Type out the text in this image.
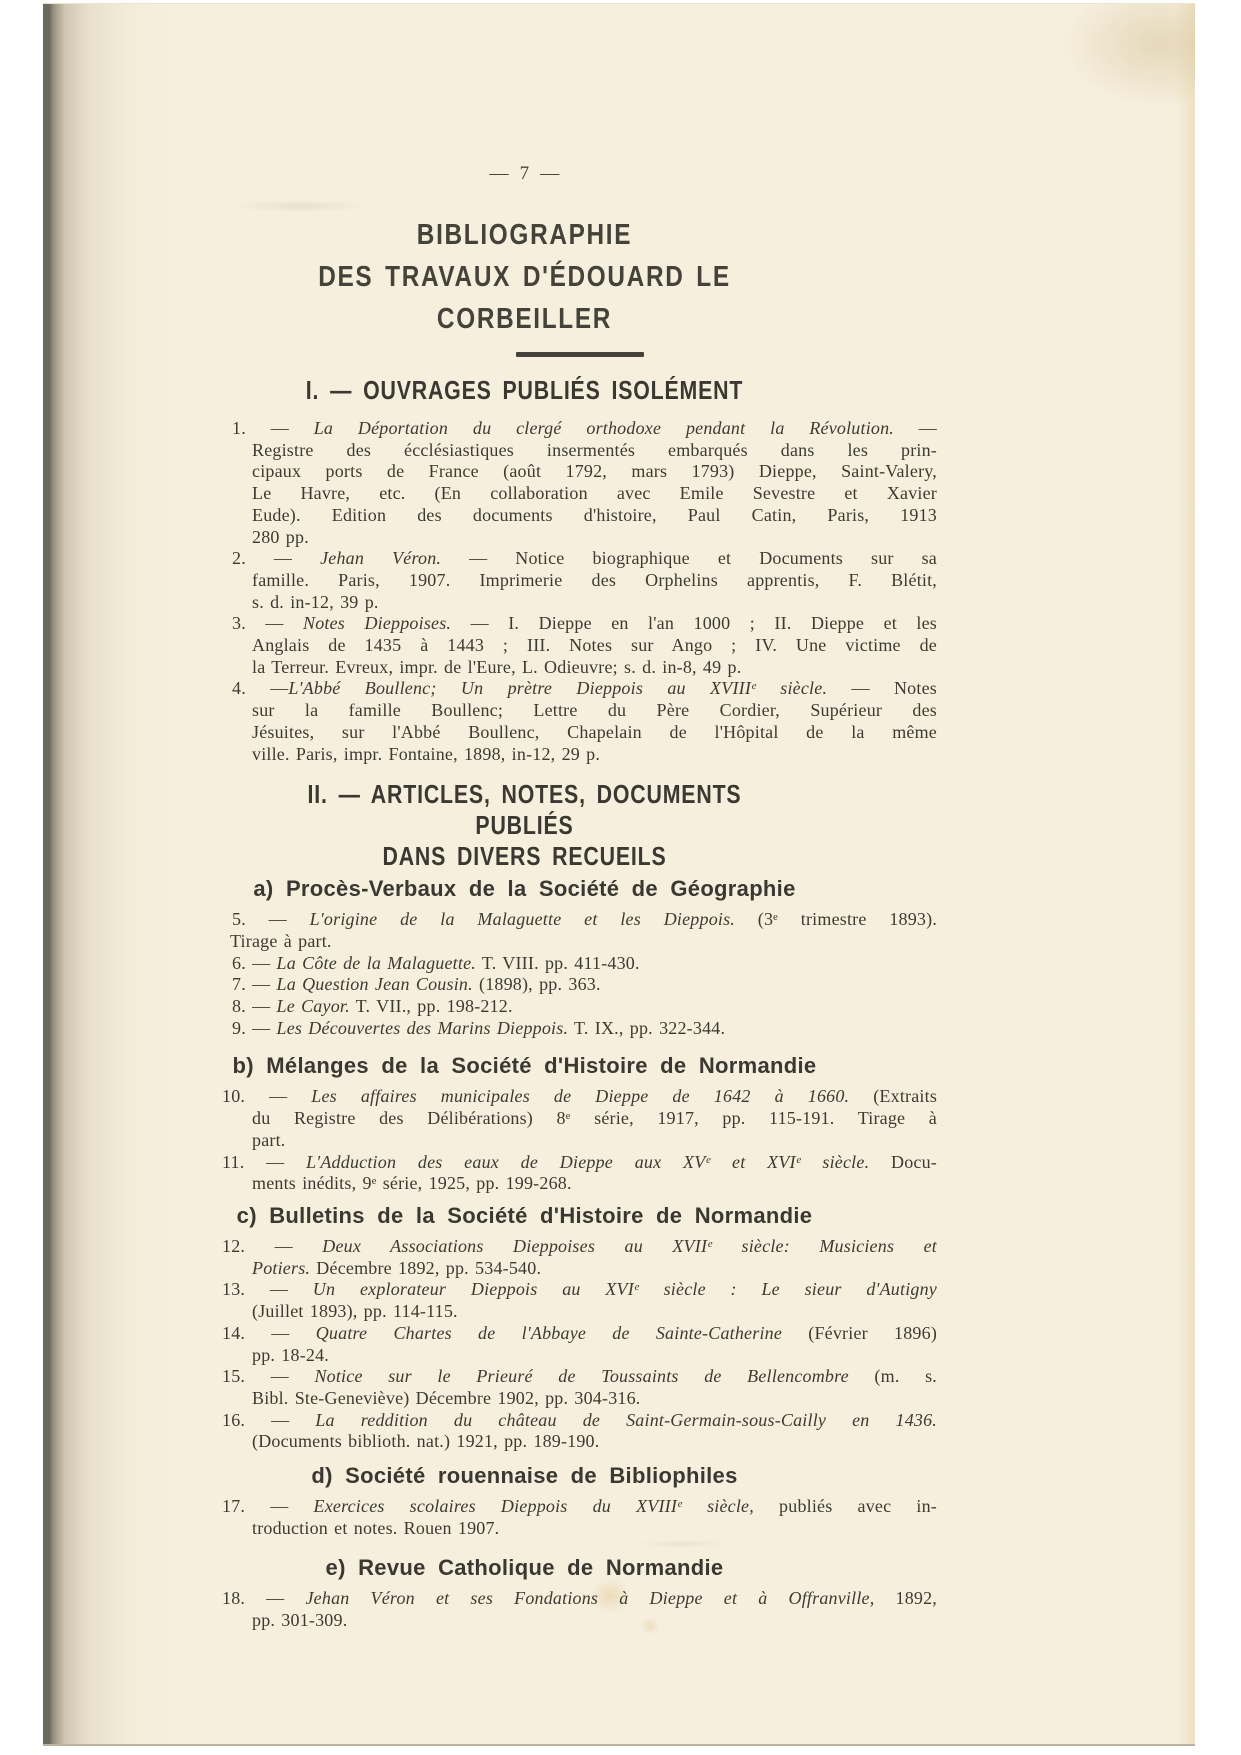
— 7 —
BIBLIOGRAPHIE
DES TRAVAUX D'ÉDOUARD LE CORBEILLER
I. — OUVRAGES PUBLIÉS ISOLÉMENT
1. — La Déportation du clergé orthodoxe pendant la Révolution. —
Registre des écclésiastiques insermentés embarqués dans les prin-
cipaux ports de France (août 1792, mars 1793) Dieppe, Saint-Valery,
Le Havre, etc. (En collaboration avec Emile Sevestre et Xavier
Eude). Edition des documents d'histoire, Paul Catin, Paris, 1913
280 pp.
2. — Jehan Véron. — Notice biographique et Documents sur sa
famille. Paris, 1907. Imprimerie des Orphelins apprentis, F. Blétit,
s. d. in-12, 39 p.
3. — Notes Dieppoises. — I. Dieppe en l'an 1000 ; II. Dieppe et les
Anglais de 1435 à 1443 ; III. Notes sur Ango ; IV. Une victime de
la Terreur. Evreux, impr. de l'Eure, L. Odieuvre; s. d. in-8, 49 p.
4. —L'Abbé Boullenc; Un prètre Dieppois au XVIIIᵉ siècle. — Notes
sur la famille Boullenc; Lettre du Père Cordier, Supérieur des
Jésuites, sur l'Abbé Boullenc, Chapelain de l'Hôpital de la même
ville. Paris, impr. Fontaine, 1898, in-12, 29 p.
II. — ARTICLES, NOTES, DOCUMENTS PUBLIÉS
DANS DIVERS RECUEILS
a) Procès-Verbaux de la Société de Géographie
5. — L'origine de la Malaguette et les Dieppois. (3ᵉ trimestre 1893).
Tirage à part.
6. — La Côte de la Malaguette. T. VIII. pp. 411-430.
7. — La Question Jean Cousin. (1898), pp. 363.
8. — Le Cayor. T. VII., pp. 198-212.
9. — Les Découvertes des Marins Dieppois. T. IX., pp. 322-344.
b) Mélanges de la Société d'Histoire de Normandie
10. — Les affaires municipales de Dieppe de 1642 à 1660. (Extraits
du Registre des Délibérations) 8ᵉ série, 1917, pp. 115-191. Tirage à
part.
11. — L'Adduction des eaux de Dieppe aux XVᵉ et XVIᵉ siècle. Docu-
ments inédits, 9ᵉ série, 1925, pp. 199-268.
c) Bulletins de la Société d'Histoire de Normandie
12. — Deux Associations Dieppoises au XVIIᵉ siècle: Musiciens et
Potiers. Décembre 1892, pp. 534-540.
13. — Un explorateur Dieppois au XVIᵉ siècle : Le sieur d'Autigny
(Juillet 1893), pp. 114-115.
14. — Quatre Chartes de l'Abbaye de Sainte-Catherine (Février 1896)
pp. 18-24.
15. — Notice sur le Prieuré de Toussaints de Bellencombre (m. s.
Bibl. Ste-Geneviève) Décembre 1902, pp. 304-316.
16. — La reddition du château de Saint-Germain-sous-Cailly en 1436.
(Documents biblioth. nat.) 1921, pp. 189-190.
d) Société rouennaise de Bibliophiles
17. — Exercices scolaires Dieppois du XVIIIᵉ siècle, publiés avec in-
troduction et notes. Rouen 1907.
e) Revue Catholique de Normandie
18. — Jehan Véron et ses Fondations à Dieppe et à Offranville, 1892,
pp. 301-309.
